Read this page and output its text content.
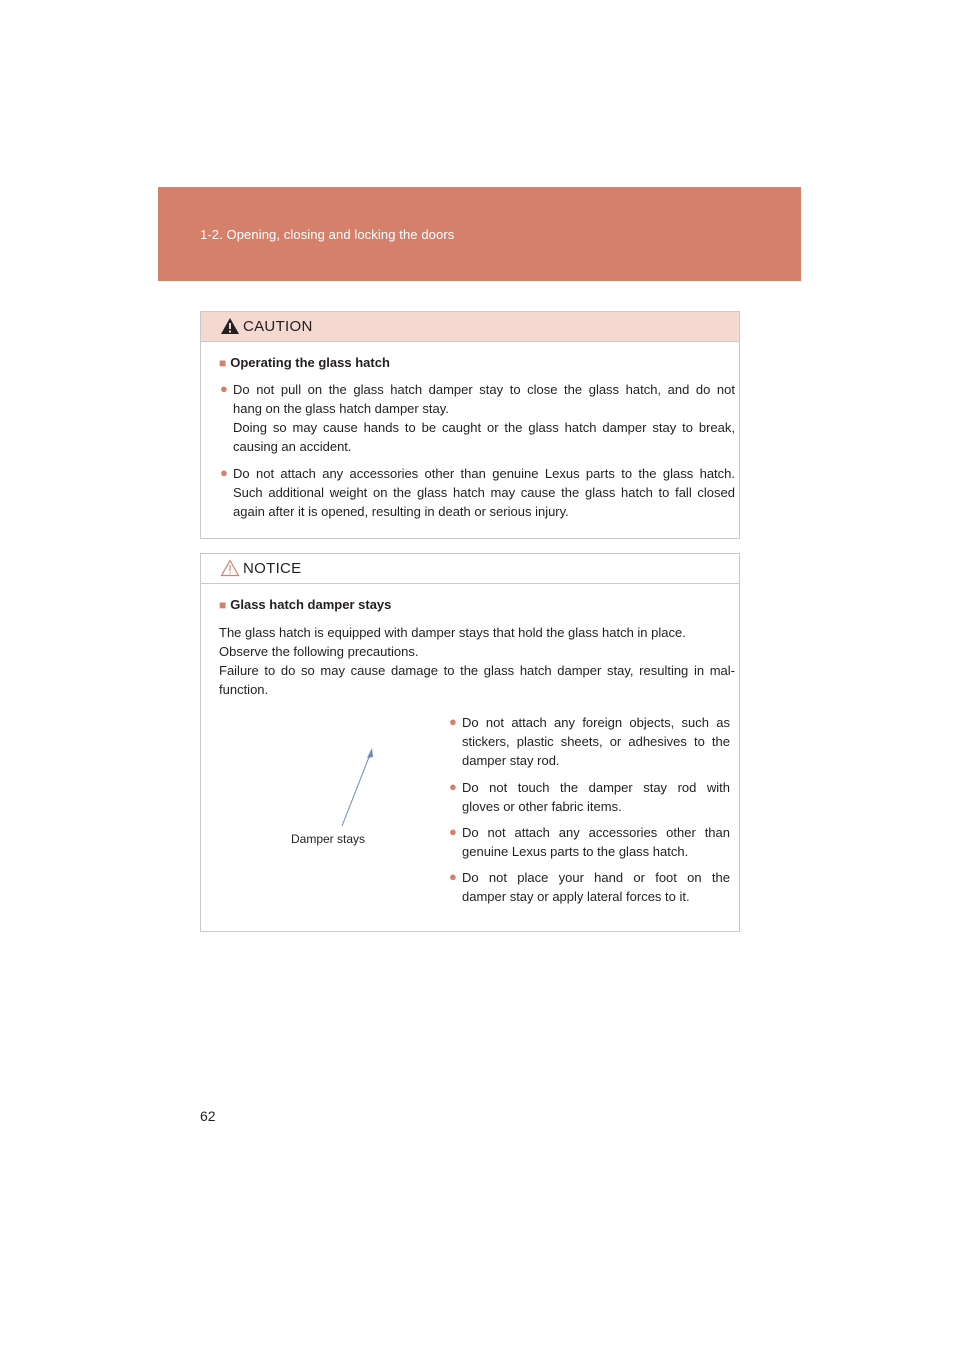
1-2. Opening, closing and locking the doors
CAUTION
■ Operating the glass hatch
● Do not pull on the glass hatch damper stay to close the glass hatch, and do not
hang on the glass hatch damper stay.
Doing so may cause hands to be caught or the glass hatch damper stay to break,
causing an accident.
● Do not attach any accessories other than genuine Lexus parts to the glass hatch.
Such additional weight on the glass hatch may cause the glass hatch to fall closed
again after it is opened, resulting in death or serious injury.
NOTICE
■ Glass hatch damper stays
The glass hatch is equipped with damper stays that hold the glass hatch in place.
Observe the following precautions.
Failure to do so may cause damage to the glass hatch damper stay, resulting in mal-
function.
Damper stays
● Do not attach any foreign objects, such as
stickers, plastic sheets, or adhesives to the
damper stay rod.
● Do not touch the damper stay rod with
gloves or other fabric items.
● Do not attach any accessories other than
genuine Lexus parts to the glass hatch.
● Do not place your hand or foot on the
damper stay or apply lateral forces to it.
62
